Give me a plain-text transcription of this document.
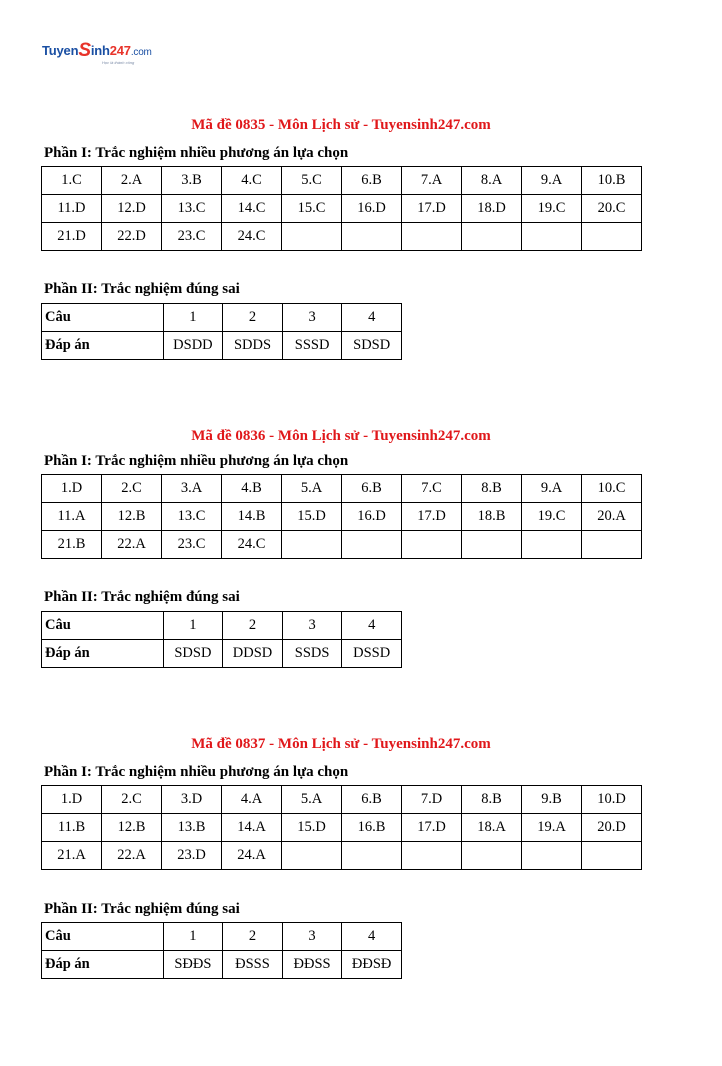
TuyenSinh247.com
Học là thành công
Mã đề 0835 - Môn Lịch sử - Tuyensinh247.com
Phần I: Trắc nghiệm nhiều phương án lựa chọn
1.C	2.A	3.B	4.C	5.C	6.B	7.A	8.A	9.A	10.B
11.D	12.D	13.C	14.C	15.C	16.D	17.D	18.D	19.C	20.C
21.D	22.D	23.C	24.C						
Phần II: Trắc nghiệm đúng sai
Câu	1	2	3	4
Đáp án	DSDD	SDDS	SSSD	SDSD
Mã đề 0836 - Môn Lịch sử - Tuyensinh247.com
Phần I: Trắc nghiệm nhiều phương án lựa chọn
1.D	2.C	3.A	4.B	5.A	6.B	7.C	8.B	9.A	10.C
11.A	12.B	13.C	14.B	15.D	16.D	17.D	18.B	19.C	20.A
21.B	22.A	23.C	24.C						
Phần II: Trắc nghiệm đúng sai
Câu	1	2	3	4
Đáp án	SDSD	DDSD	SSDS	DSSD
Mã đề 0837 - Môn Lịch sử - Tuyensinh247.com
Phần I: Trắc nghiệm nhiều phương án lựa chọn
1.D	2.C	3.D	4.A	5.A	6.B	7.D	8.B	9.B	10.D
11.B	12.B	13.B	14.A	15.D	16.B	17.D	18.A	19.A	20.D
21.A	22.A	23.D	24.A						
Phần II: Trắc nghiệm đúng sai
Câu	1	2	3	4
Đáp án	SĐĐS	ĐSSS	ĐĐSS	ĐĐSĐ
